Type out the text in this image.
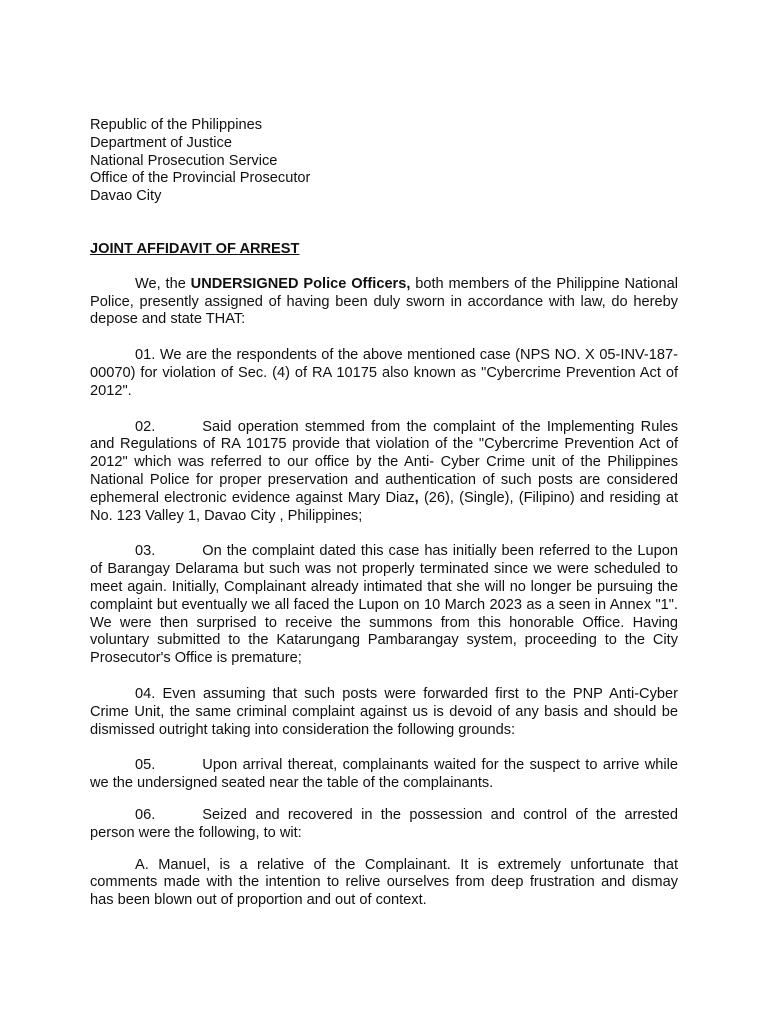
Republic of the Philippines
Department of Justice
National Prosecution Service
Office of the Provincial Prosecutor
Davao City
JOINT AFFIDAVIT OF ARREST

We, the UNDERSIGNED Police Officers, both members of the Philippine National Police, presently assigned of having been duly sworn in accordance with law, do hereby depose and state THAT:

01. We are the respondents of the above mentioned case (NPS NO. X 05-INV-187-00070) for violation of Sec. (4) of RA 10175 also known as "Cybercrime Prevention Act of 2012".

02.	Said operation stemmed from the complaint of the Implementing Rules and Regulations of RA 10175 provide that violation of the "Cybercrime Prevention Act of 2012" which was referred to our office by the Anti- Cyber Crime unit of the Philippines National Police for proper preservation and authentication of such posts are considered ephemeral electronic evidence against Mary Diaz, (26), (Single), (Filipino) and residing at No. 123 Valley 1, Davao City , Philippines;

03.	On the complaint dated this case has initially been referred to the Lupon of Barangay Delarama but such was not properly terminated since we were scheduled to meet again. Initially, Complainant already intimated that she will no longer be pursuing the complaint but eventually we all faced the Lupon on 10 March 2023 as a seen in Annex "1". We were then surprised to receive the summons from this honorable Office. Having voluntary submitted to the Katarungang Pambarangay system, proceeding to the City Prosecutor's Office is premature;

04. Even assuming that such posts were forwarded first to the PNP Anti-Cyber Crime Unit, the same criminal complaint against us is devoid of any basis and should be dismissed outright taking into consideration the following grounds:

05.	Upon arrival thereat, complainants waited for the suspect to arrive while we the undersigned seated near the table of the complainants.

06.	Seized and recovered in the possession and control of the arrested person were the following, to wit:

A. Manuel, is a relative of the Complainant. It is extremely unfortunate that comments made with the intention to relive ourselves from deep frustration and dismay has been blown out of proportion and out of context.
